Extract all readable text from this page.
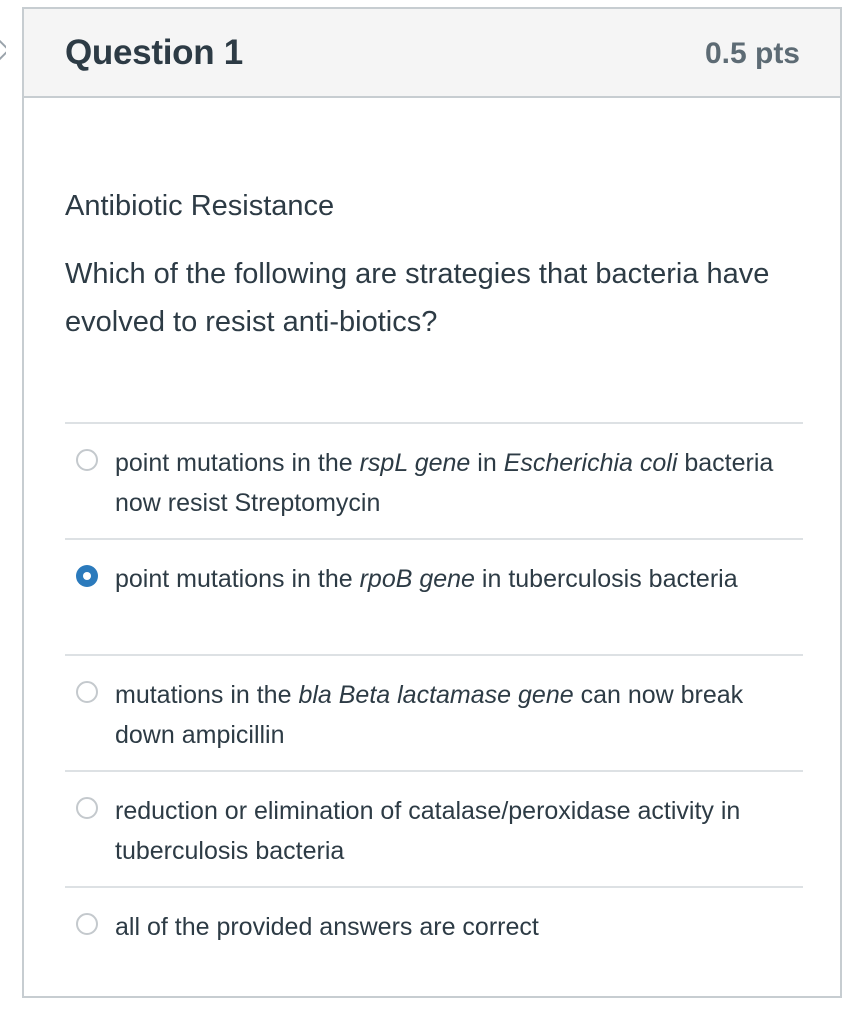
Question 1	0.5 pts

Antibiotic Resistance

Which of the following are strategies that bacteria have evolved to resist anti-biotics?

point mutations in the rspL gene in Escherichia coli bacteria now resist Streptomycin
point mutations in the rpoB gene in tuberculosis bacteria
mutations in the bla Beta lactamase gene can now break down ampicillin
reduction or elimination of catalase/peroxidase activity in tuberculosis bacteria
all of the provided answers are correct
